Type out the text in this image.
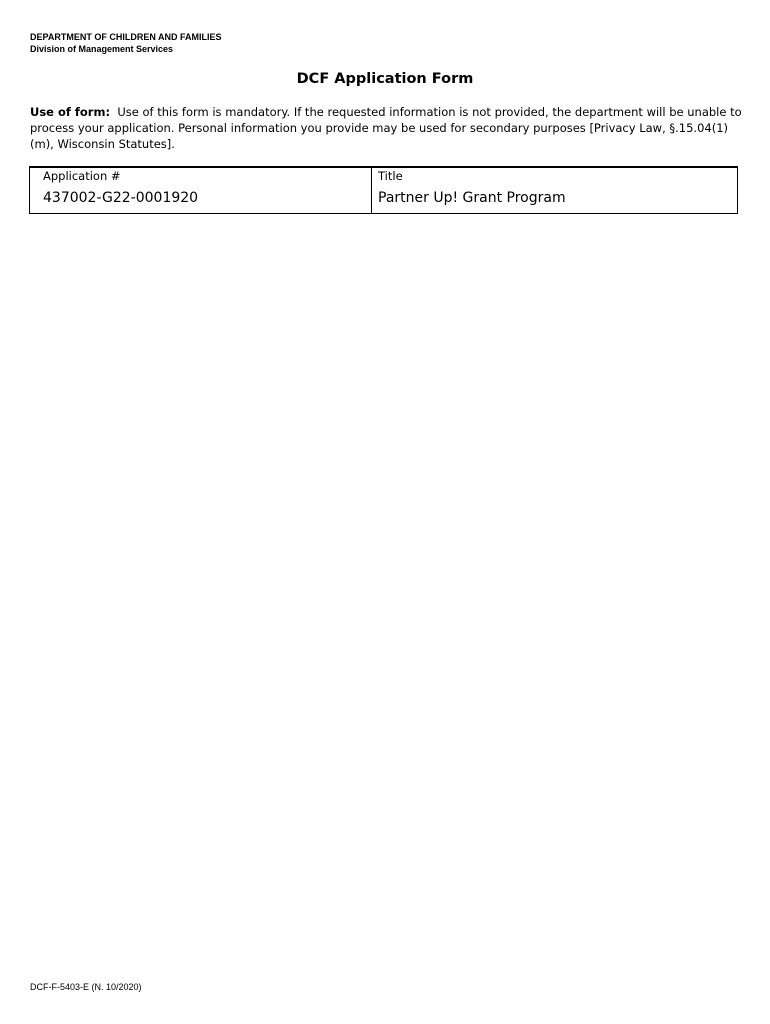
DEPARTMENT OF CHILDREN AND FAMILIES
Division of Management Services
DCF Application Form
Use of form: Use of this form is mandatory. If the requested information is not provided, the department will be unable to process your application. Personal information you provide may be used for secondary purposes [Privacy Law, §.15.04(1)(m), Wisconsin Statutes].
Application #
437002-G22-0001920
Title
Partner Up! Grant Program
DCF-F-5403-E (N. 10/2020)
